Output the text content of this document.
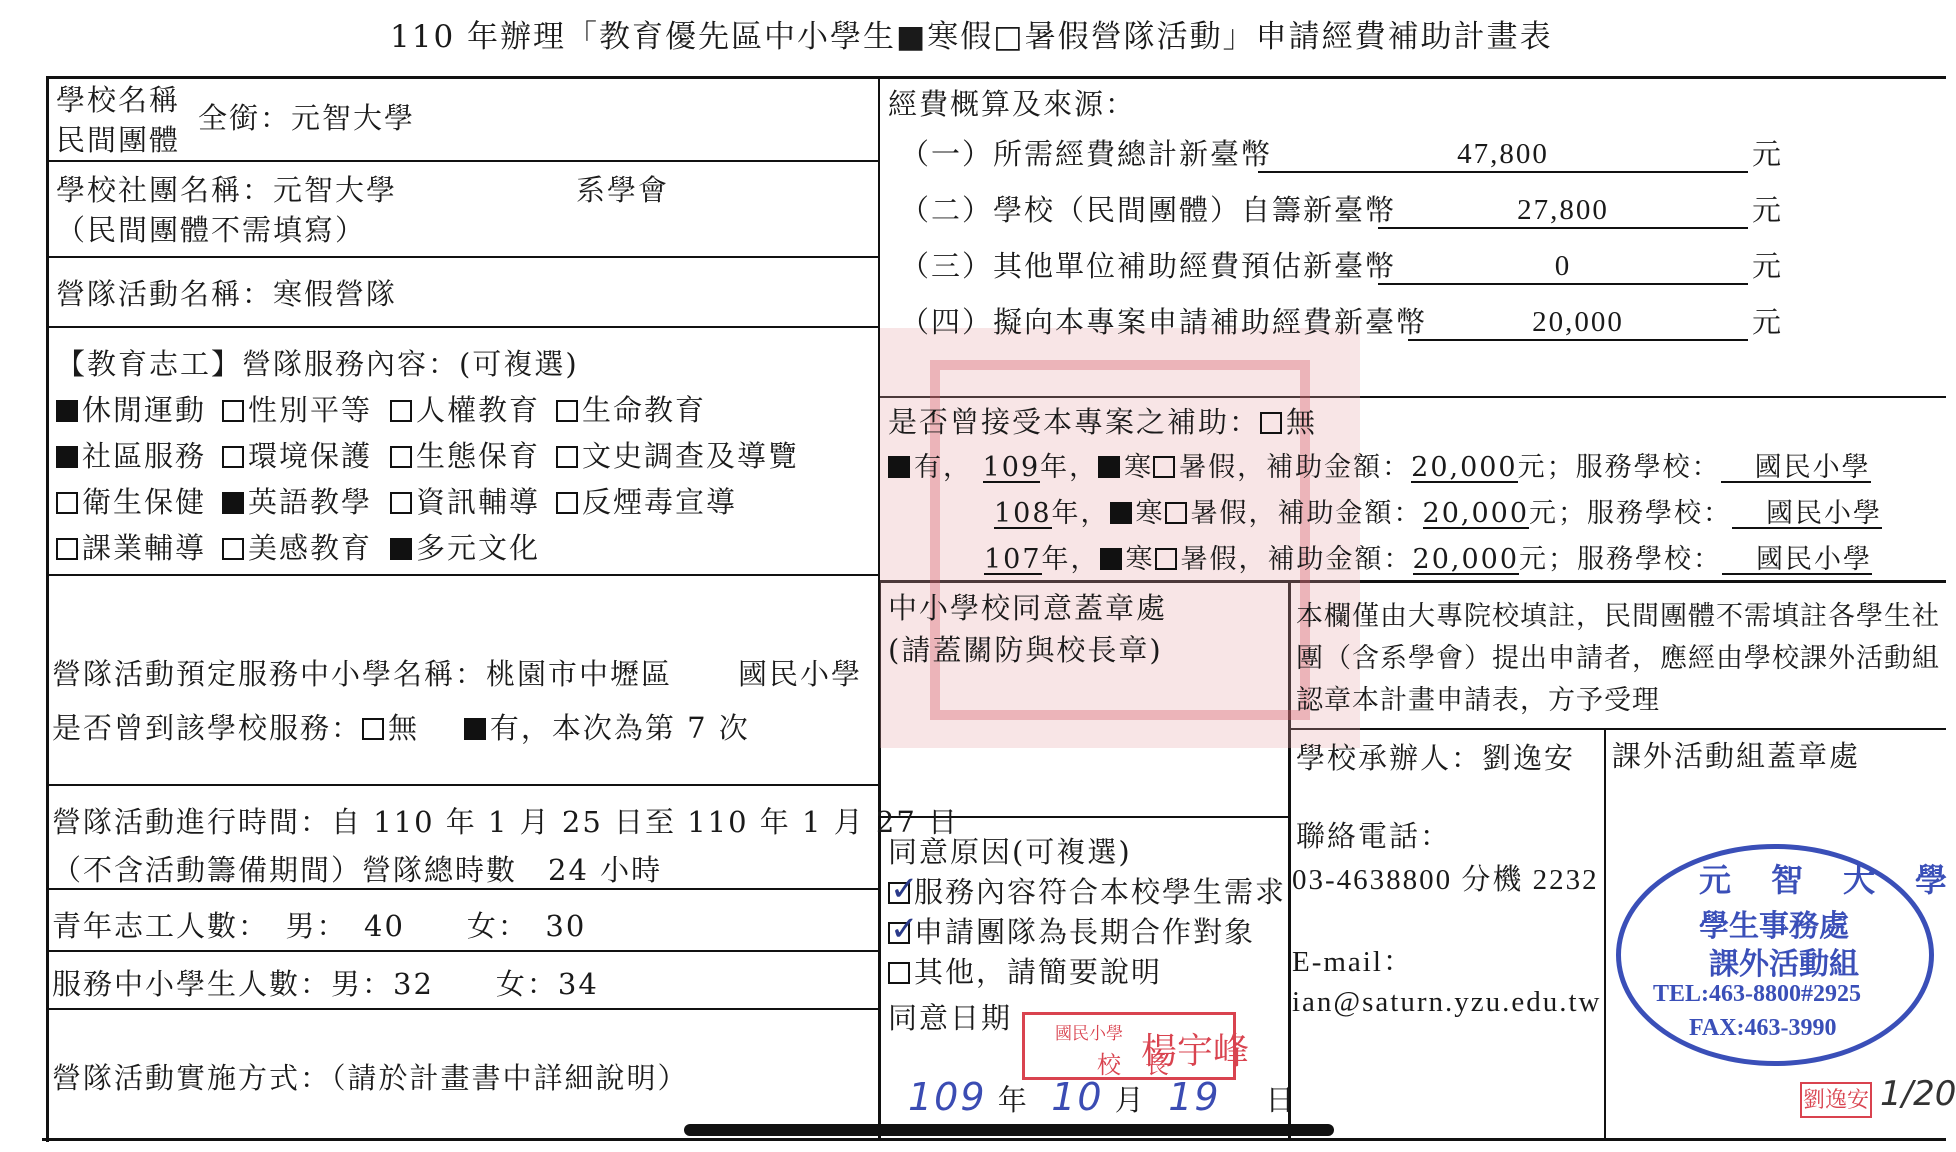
110 年辦理「教育優先區中小學生■寒假□暑假營隊活動」申請經費補助計畫表
學校名稱
民間團體
全銜：元智大學
學校社團名稱：元智大學	系學會
（民間團體不需填寫）
營隊活動名稱：寒假營隊
【教育志工】營隊服務內容：(可複選)
休閒運動	性別平等	人權教育	生命教育
社區服務	環境保護	生態保育	文史調查及導覽
衛生保健	英語教學	資訊輔導	反煙毒宣導
課業輔導	美感教育	多元文化
營隊活動預定服務中小學名稱：桃園市中壢區 國民小學
是否曾到該學校服務： 無 有，本次為第 7 次
營隊活動進行時間：自 110 年 1 月 25 日至 110 年 1 月 27 日
（不含活動籌備期間）營隊總時數　24 小時
青年志工人數：　男：　40　　女：　30
服務中小學生人數：男：32　　女：34
營隊活動實施方式：（請於計畫書中詳細說明）
經費概算及來源：
（一）所需經費總計新臺幣	47,800	元
（二）學校（民間團體）自籌新臺幣	27,800	元
（三）其他單位補助經費預估新臺幣	0	元
（四）擬向本專案申請補助經費新臺幣	20,000	元
是否曾接受本專案之補助： 無
有， 109年， 寒 暑假，補助金額：20,000元；服務學校： 國民小學
108年， 寒 暑假，補助金額：20,000元；服務學校： 國民小學
107年， 寒 暑假，補助金額：20,000元；服務學校： 國民小學
中小學校同意蓋章處
(請蓋關防與校長章)
同意原因(可複選)
✓服務內容符合本校學生需求
✓申請團隊為長期合作對象
其他，請簡要說明
同意日期	國民小學
校　長
楊宇峰
109 年 10 月 19 日
本欄僅由大專院校填註，民間團體不需填註各學生社團（含系學會）提出申請者，應經由學校課外活動組認章本計畫申請表，方予受理
學校承辦人：劉逸安
聯絡電話：
03-4638800 分機 2232
E-mail：
ian@saturn.yzu.edu.tw
課外活動組蓋章處
元　智　大　學
學生事務處
課外活動組
TEL:463-8800#2925
FAX:463-3990
劉逸安 1/20
